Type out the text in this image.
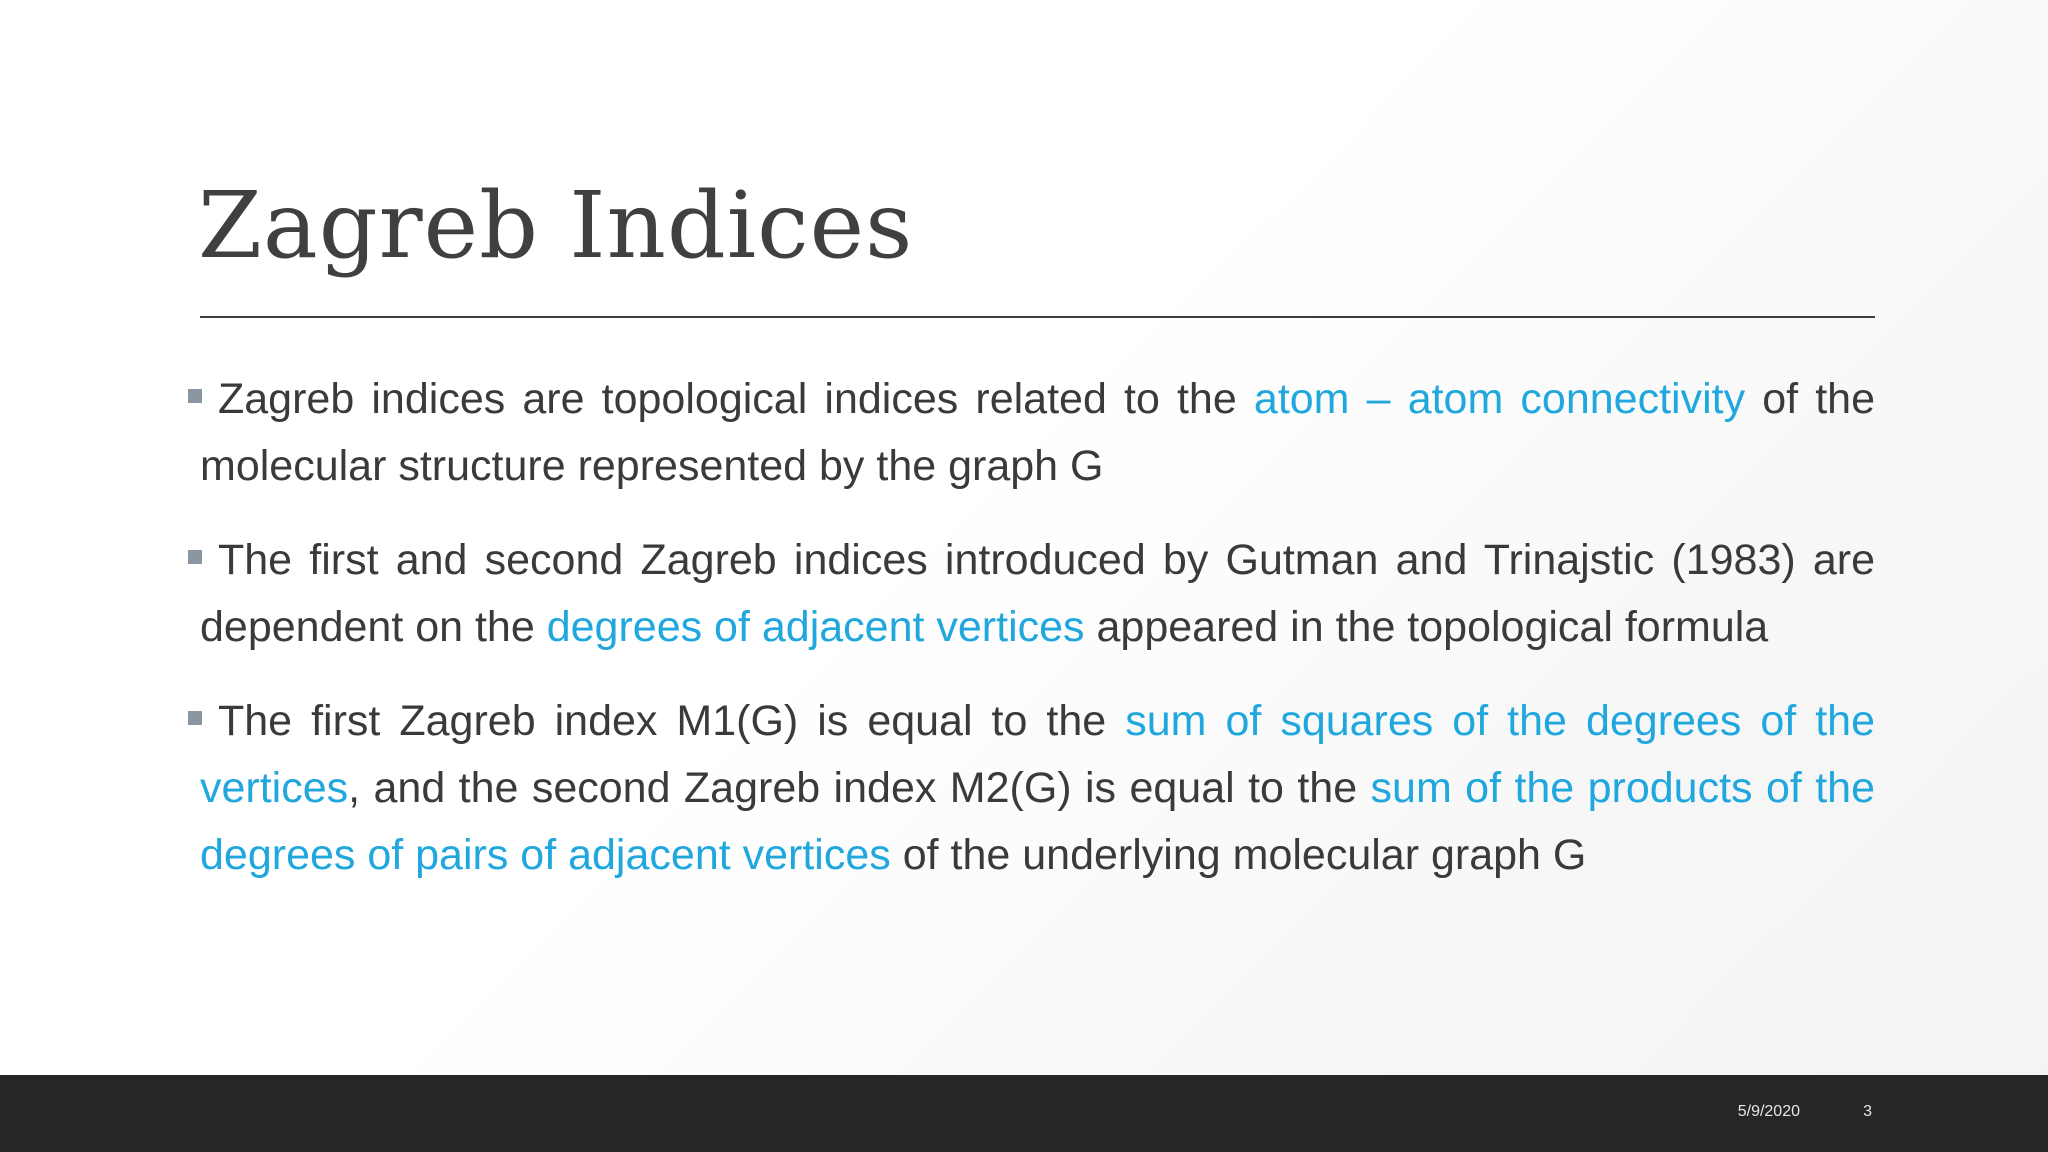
Zagreb Indices

Zagreb indices are topological indices related to the atom – atom connectivity of the molecular structure represented by the graph G

The first and second Zagreb indices introduced by Gutman and Trinajstic (1983) are dependent on the degrees of adjacent vertices appeared in the topological formula

The first Zagreb index M1(G) is equal to the sum of squares of the degrees of the vertices, and the second Zagreb index M2(G) is equal to the sum of the products of the degrees of pairs of adjacent vertices of the underlying molecular graph G

5/9/2020	3
